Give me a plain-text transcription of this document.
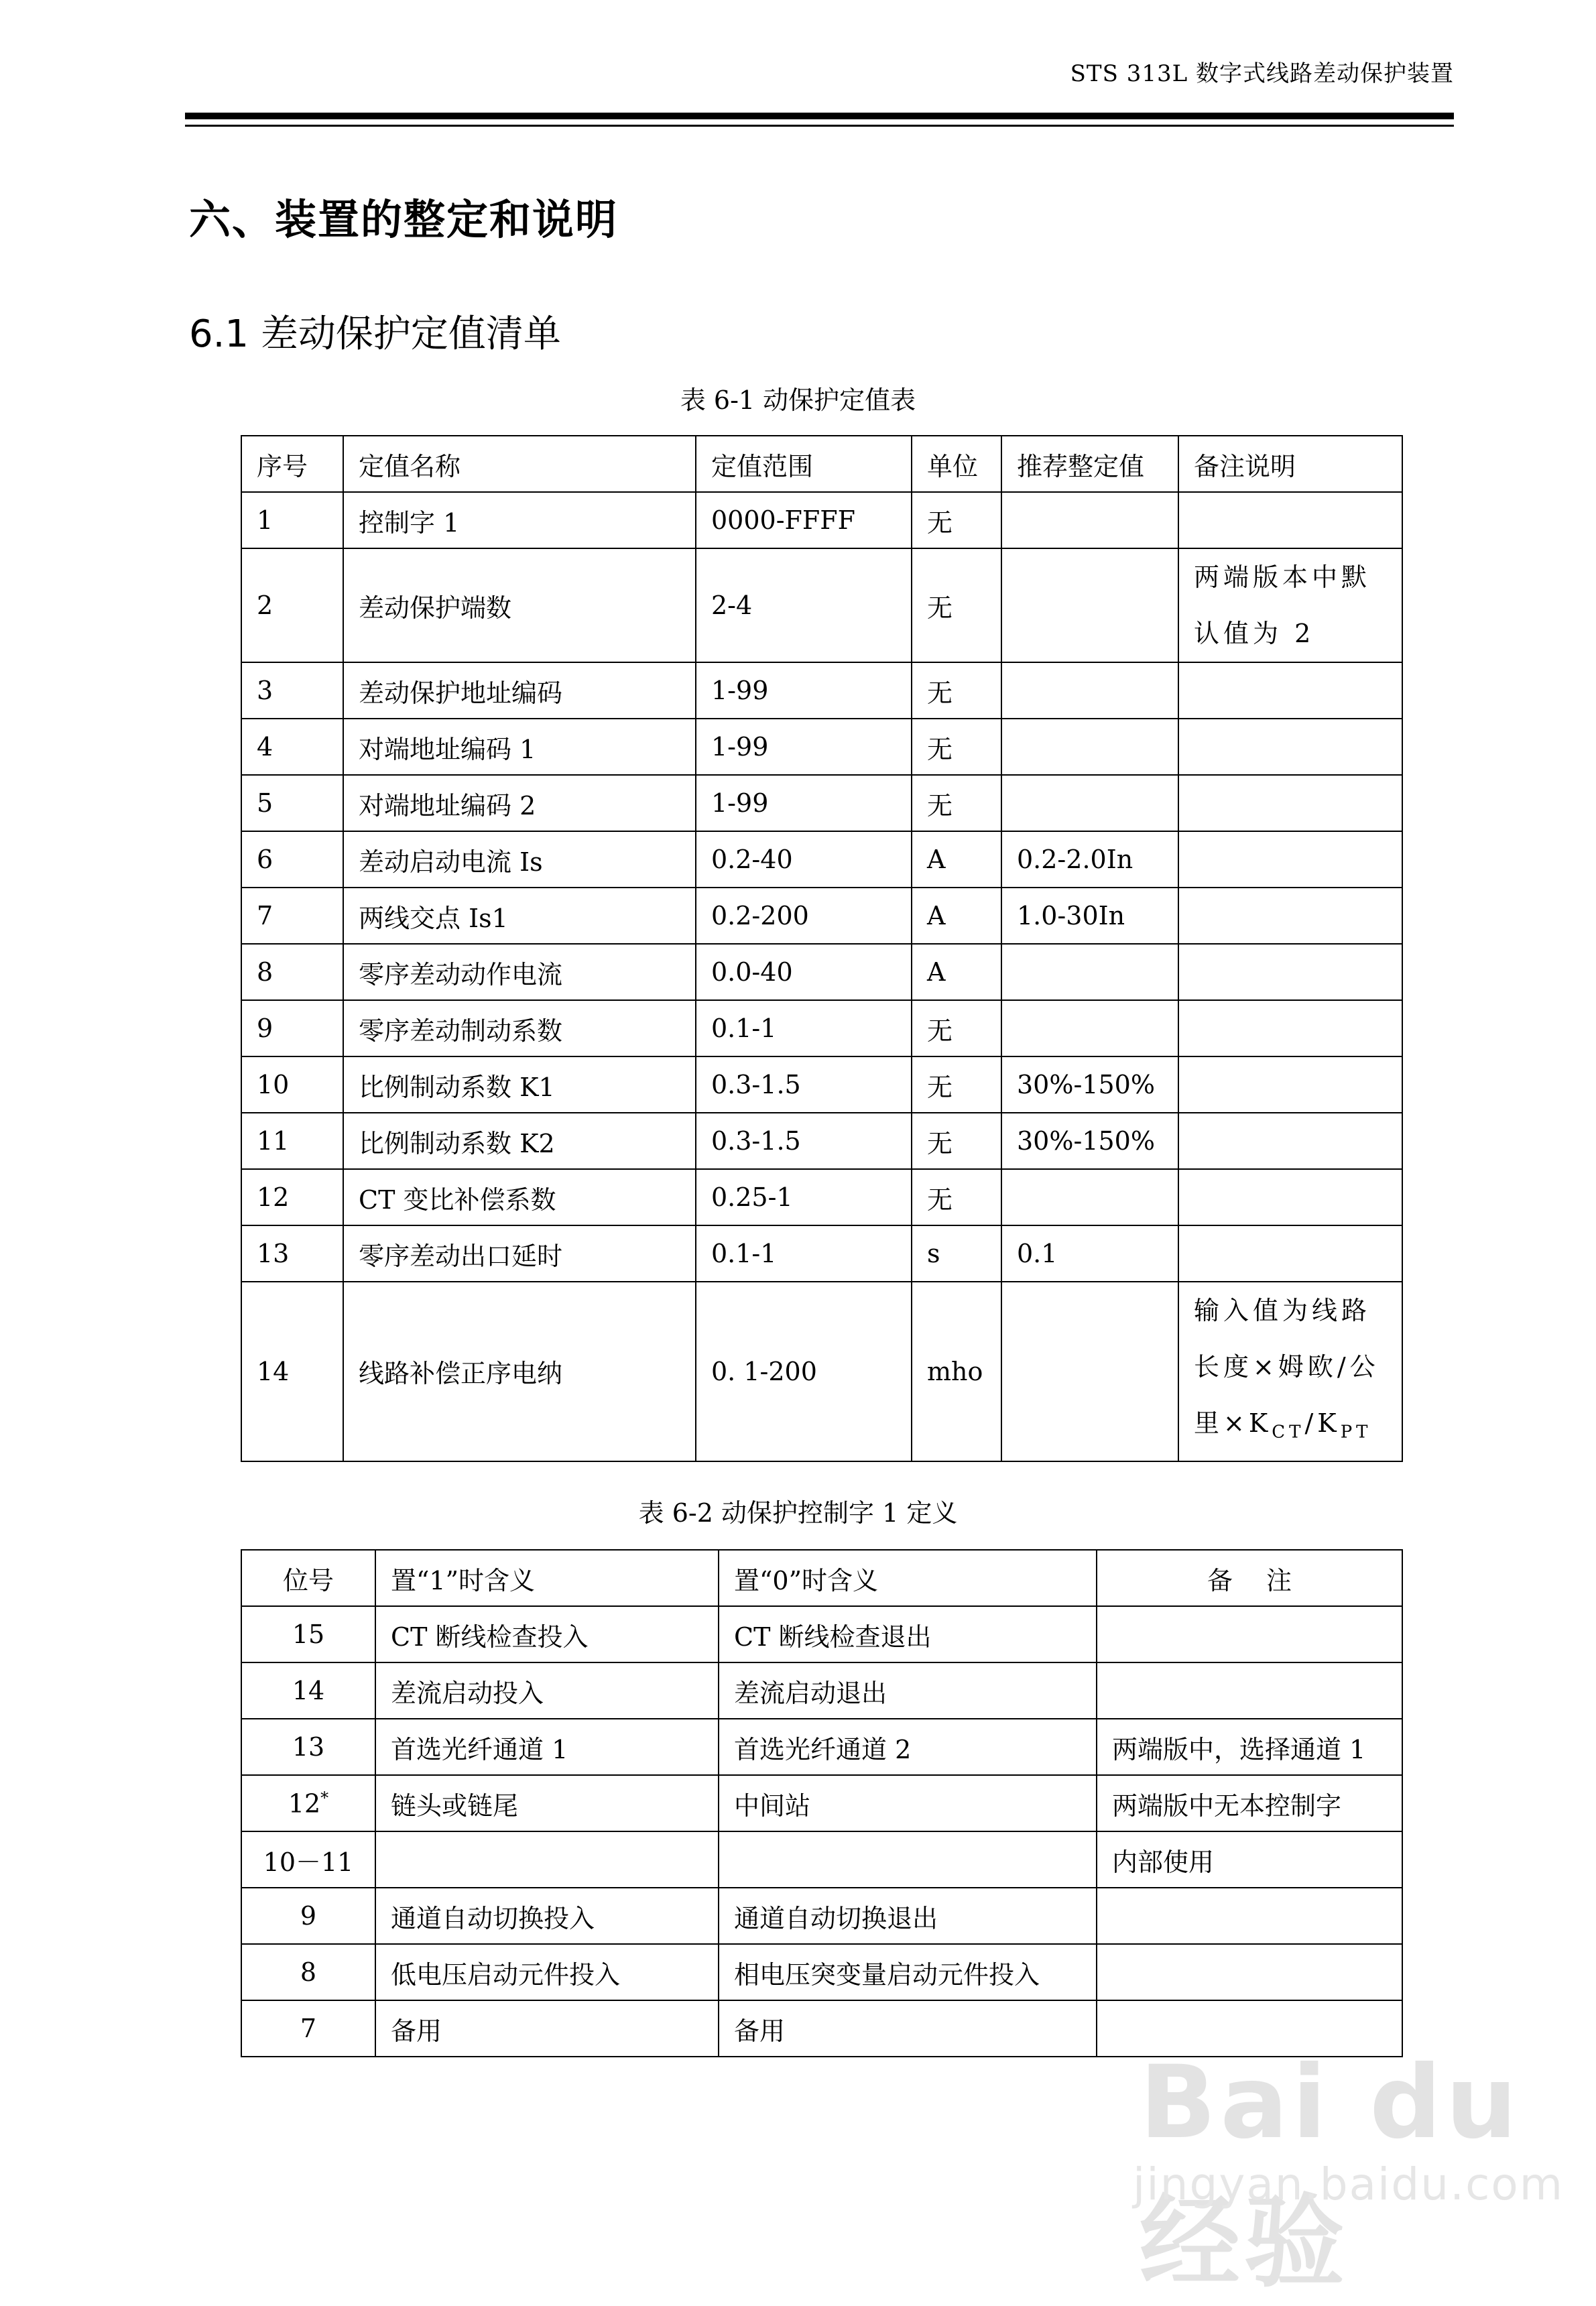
STS 313L 数字式线路差动保护装置
六、装置的整定和说明
6.1 差动保护定值清单
表 6-1 动保护定值表
序号	定值名称	定值范围	单位	推荐整定值	备注说明
1	控制字 1	0000-FFFF	无		
2	差动保护端数	2-4	无		两端版本中默认值为 2
3	差动保护地址编码	1-99	无		
4	对端地址编码 1	1-99	无		
5	对端地址编码 2	1-99	无		
6	差动启动电流 Is	0.2-40	A	0.2-2.0In	
7	两线交点 Is1	0.2-200	A	1.0-30In	
8	零序差动动作电流	0.0-40	A		
9	零序差动制动系数	0.1-1	无		
10	比例制动系数 K1	0.3-1.5	无	30%-150%	
11	比例制动系数 K2	0.3-1.5	无	30%-150%	
12	CT 变比补偿系数	0.25-1	无		
13	零序差动出口延时	0.1-1	s	0.1	
14	线路补偿正序电纳	0. 1-200	mho		输入值为线路长度×姆欧/公里$\times K_{CT}/K_{PT}$
表 6-2 动保护控制字 1 定义
位号	置“1”时含义	置“0”时含义	备　 注
15	CT 断线检查投入	CT 断线检查退出	
14	差流启动投入	差流启动退出	
13	首选光纤通道 1	首选光纤通道 2	两端版中，选择通道 1
12*	链头或链尾	中间站	两端版中无本控制字
10－11			内部使用
9	通道自动切换投入	通道自动切换退出	
8	低电压启动元件投入	相电压突变量启动元件投入	
7	备用	备用	
Bai du 经验
jingyan.baidu.com
